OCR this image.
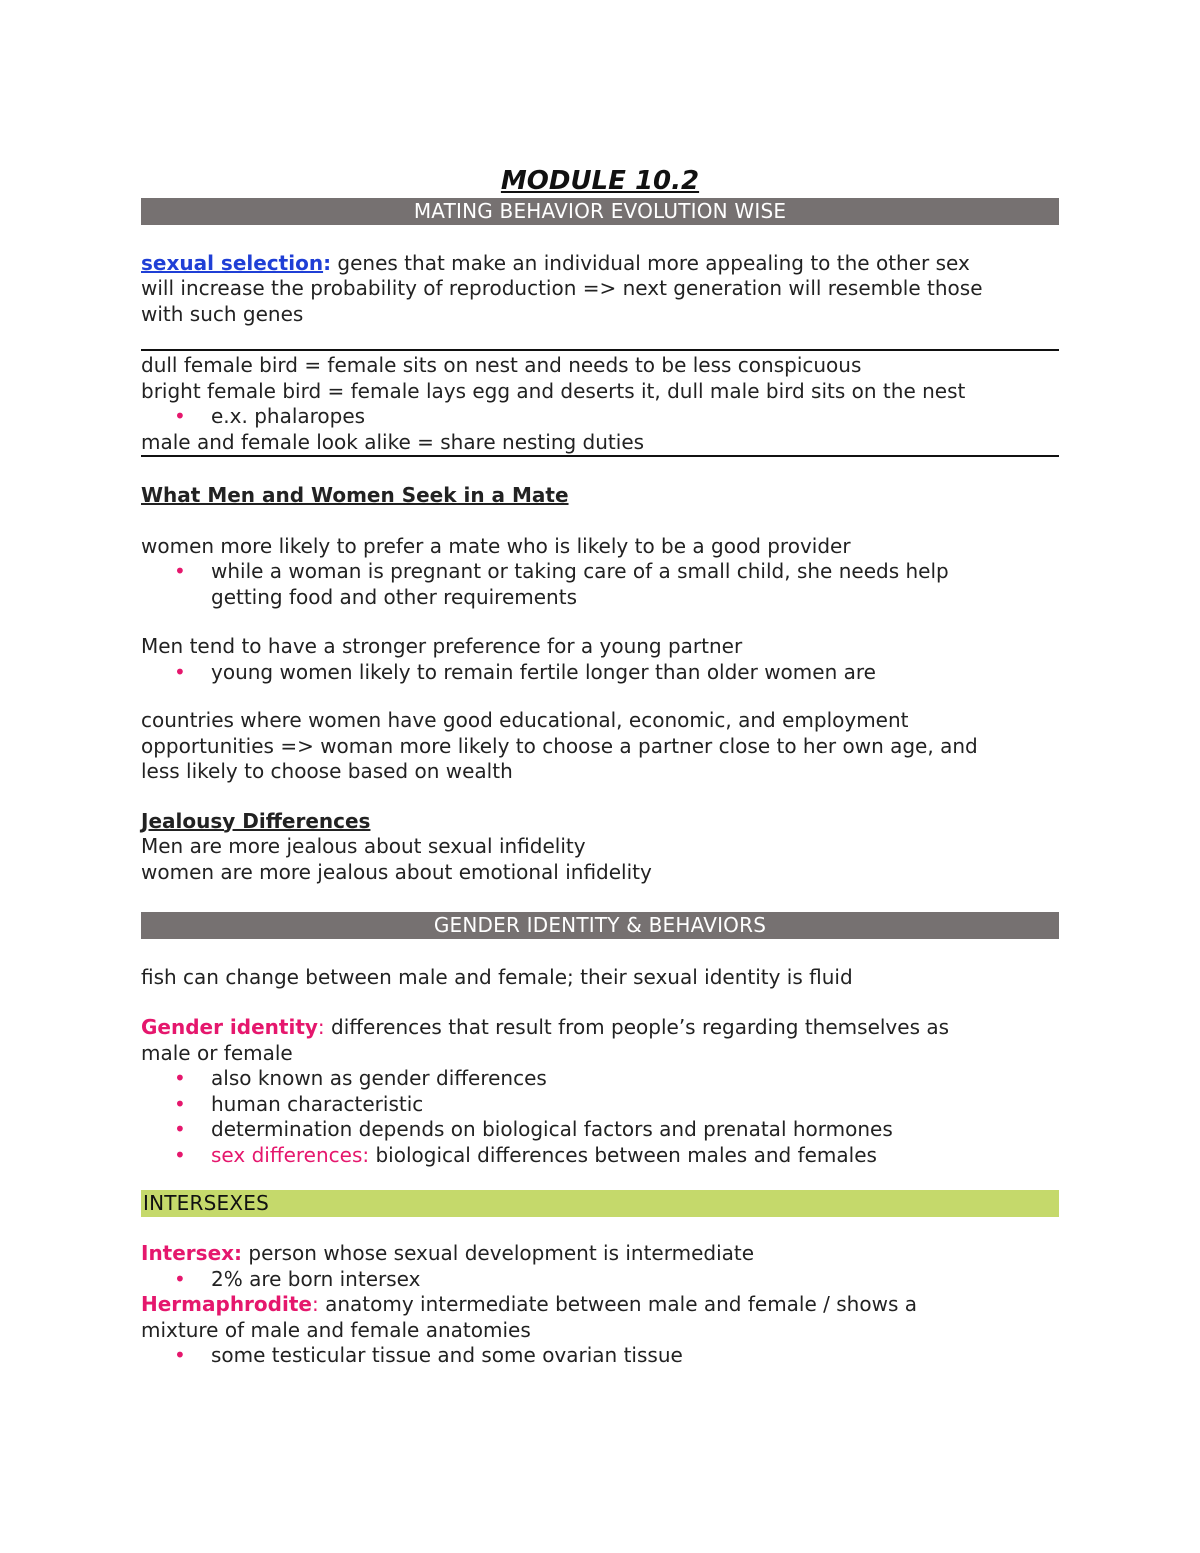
MODULE 10.2

MATING BEHAVIOR EVOLUTION WISE

sexual selection: genes that make an individual more appealing to the other sex

will increase the probability of reproduction => next generation will resemble those

with such genes

dull female bird = female sits on nest and needs to be less conspicuous

bright female bird = female lays egg and deserts it, dull male bird sits on the nest

• e.x. phalaropes

male and female look alike = share nesting duties

What Men and Women Seek in a Mate

women more likely to prefer a mate who is likely to be a good provider

• while a woman is pregnant or taking care of a small child, she needs help
getting food and other requirements

Men tend to have a stronger preference for a young partner

• young women likely to remain fertile longer than older women are

countries where women have good educational, economic, and employment

opportunities => woman more likely to choose a partner close to her own age, and

less likely to choose based on wealth

Jealousy Differences

Men are more jealous about sexual infidelity

women are more jealous about emotional infidelity

GENDER IDENTITY & BEHAVIORS

fish can change between male and female; their sexual identity is fluid

Gender identity: differences that result from people’s regarding themselves as

male or female

• also known as gender differences
• human characteristic
• determination depends on biological factors and prenatal hormones
• sex differences: biological differences between males and females
INTERSEXES

Intersex: person whose sexual development is intermediate

• 2% are born intersex

Hermaphrodite: anatomy intermediate between male and female / shows a

mixture of male and female anatomies

• some testicular tissue and some ovarian tissue
